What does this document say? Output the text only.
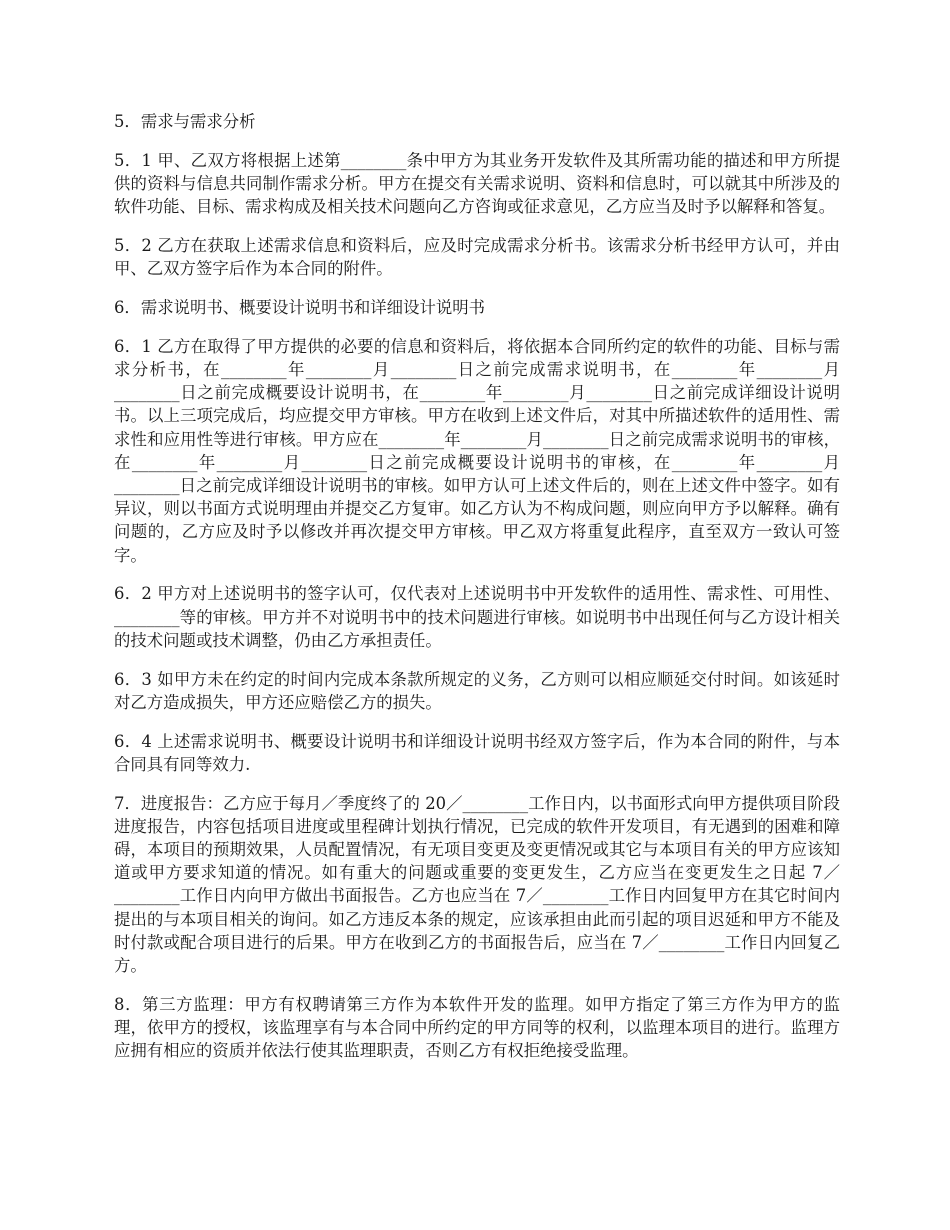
5．需求与需求分析

5．1 甲、乙双方将根据上述第________条中甲方为其业务开发软件及其所需功能的描述和甲方所提供的资料与信息共同制作需求分析。甲方在提交有关需求说明、资料和信息时，可以就其中所涉及的软件功能、目标、需求构成及相关技术问题向乙方咨询或征求意见，乙方应当及时予以解释和答复。

5．2 乙方在获取上述需求信息和资料后，应及时完成需求分析书。该需求分析书经甲方认可，并由甲、乙双方签字后作为本合同的附件。

6．需求说明书、概要设计说明书和详细设计说明书

6．1 乙方在取得了甲方提供的必要的信息和资料后，将依据本合同所约定的软件的功能、目标与需求分析书，在________年________月________日之前完成需求说明书，在________年________月________日之前完成概要设计说明书，在________年________月________日之前完成详细设计说明书。以上三项完成后，均应提交甲方审核。甲方在收到上述文件后，对其中所描述软件的适用性、需求性和应用性等进行审核。甲方应在________年________月________日之前完成需求说明书的审核，在________年________月________日之前完成概要设计说明书的审核，在________年________月________日之前完成详细设计说明书的审核。如甲方认可上述文件后的，则在上述文件中签字。如有异议，则以书面方式说明理由并提交乙方复审。如乙方认为不构成问题，则应向甲方予以解释。确有问题的，乙方应及时予以修改并再次提交甲方审核。甲乙双方将重复此程序，直至双方一致认可签字。

6．2 甲方对上述说明书的签字认可，仅代表对上述说明书中开发软件的适用性、需求性、可用性、________等的审核。甲方并不对说明书中的技术问题进行审核。如说明书中出现任何与乙方设计相关的技术问题或技术调整，仍由乙方承担责任。

6．3 如甲方未在约定的时间内完成本条款所规定的义务，乙方则可以相应顺延交付时间。如该延时对乙方造成损失，甲方还应赔偿乙方的损失。

6．4 上述需求说明书、概要设计说明书和详细设计说明书经双方签字后，作为本合同的附件，与本合同具有同等效力.

7．进度报告：乙方应于每月／季度终了的 20／________工作日内，以书面形式向甲方提供项目阶段进度报告，内容包括项目进度或里程碑计划执行情况，已完成的软件开发项目，有无遇到的困难和障碍，本项目的预期效果，人员配置情况，有无项目变更及变更情况或其它与本项目有关的甲方应该知道或甲方要求知道的情况。如有重大的问题或重要的变更发生，乙方应当在变更发生之日起 7／________工作日内向甲方做出书面报告。乙方也应当在 7／________工作日内回复甲方在其它时间内提出的与本项目相关的询问。如乙方违反本条的规定，应该承担由此而引起的项目迟延和甲方不能及时付款或配合项目进行的后果。甲方在收到乙方的书面报告后，应当在 7／________工作日内回复乙方。

8．第三方监理：甲方有权聘请第三方作为本软件开发的监理。如甲方指定了第三方作为甲方的监理，依甲方的授权，该监理享有与本合同中所约定的甲方同等的权利，以监理本项目的进行。监理方应拥有相应的资质并依法行使其监理职责，否则乙方有权拒绝接受监理。
